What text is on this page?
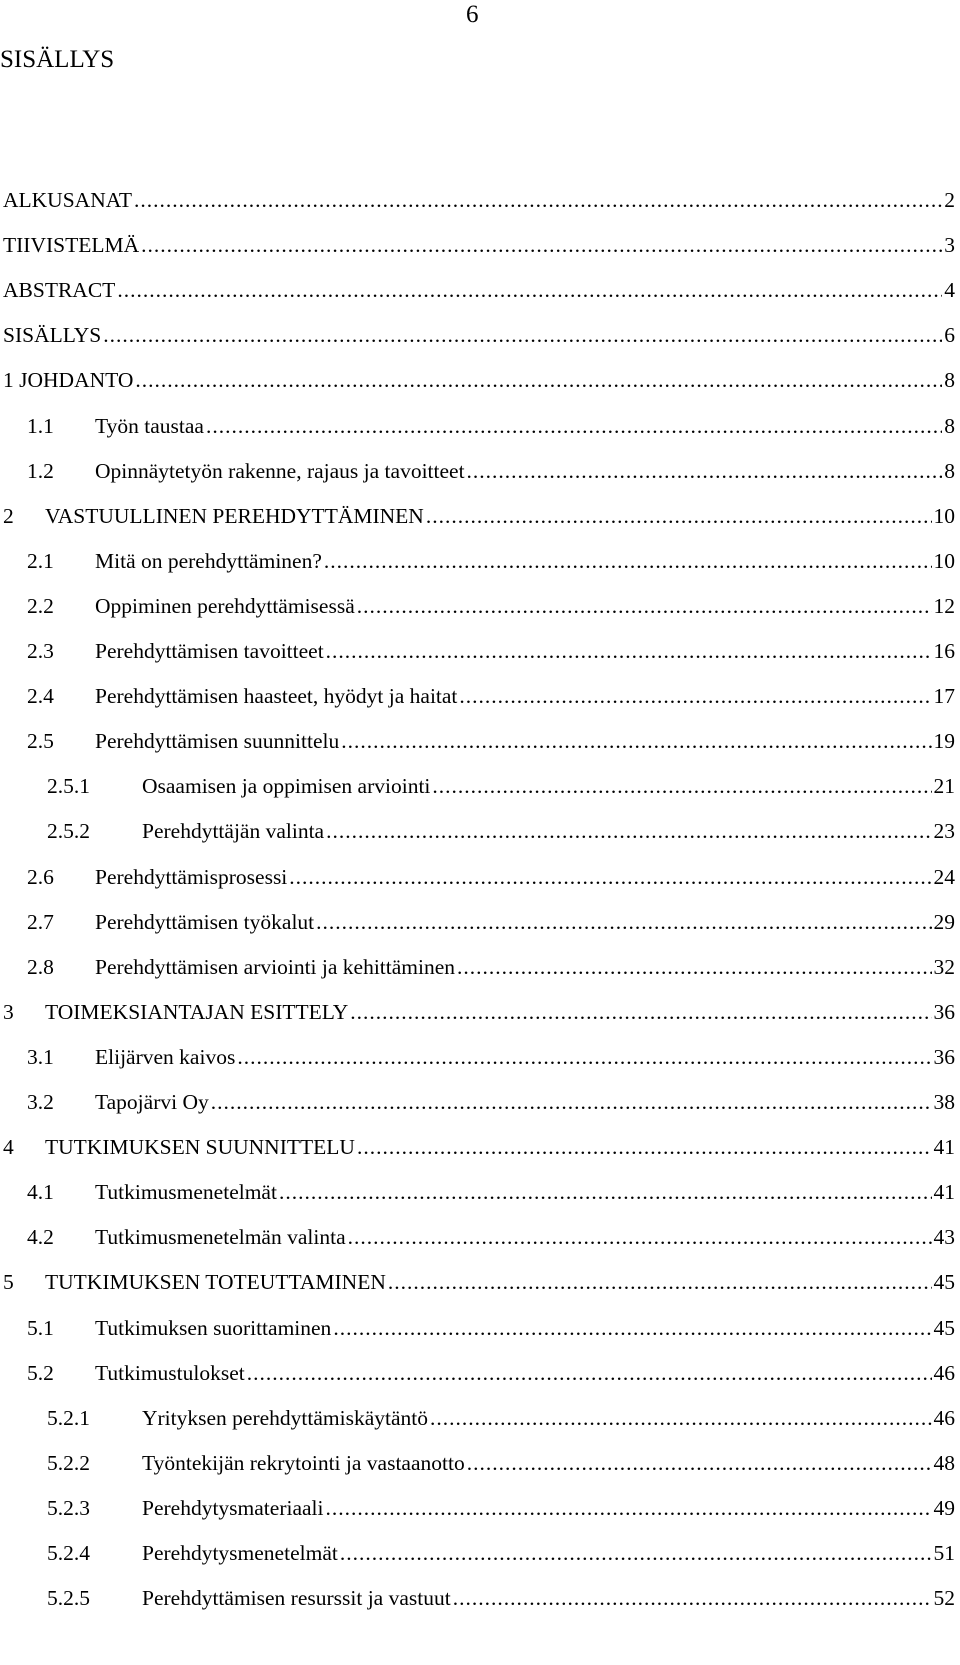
6
SISÄLLYS
ALKUSANAT .....	2
TIIVISTELMÄ .....	3
ABSTRACT .....	4
SISÄLLYS .....	6
1 JOHDANTO .....	8
1.1	Työn taustaa .....	8
1.2	Opinnäytetyön rakenne, rajaus ja tavoitteet .....	8
2	VASTUULLINEN PEREHDYTTÄMINEN .....	10
2.1	Mitä on perehdyttäminen? .....	10
2.2	Oppiminen perehdyttämisessä .....	12
2.3	Perehdyttämisen tavoitteet .....	16
2.4	Perehdyttämisen haasteet, hyödyt ja haitat .....	17
2.5	Perehdyttämisen suunnittelu .....	19
2.5.1	Osaamisen ja oppimisen arviointi .....	21
2.5.2	Perehdyttäjän valinta .....	23
2.6	Perehdyttämisprosessi .....	24
2.7	Perehdyttämisen työkalut .....	29
2.8	Perehdyttämisen arviointi ja kehittäminen .....	32
3	TOIMEKSIANTAJAN ESITTELY .....	36
3.1	Elijärven kaivos .....	36
3.2	Tapojärvi Oy .....	38
4	TUTKIMUKSEN SUUNNITTELU .....	41
4.1	Tutkimusmenetelmät .....	41
4.2	Tutkimusmenetelmän valinta .....	43
5	TUTKIMUKSEN TOTEUTTAMINEN .....	45
5.1	Tutkimuksen suorittaminen .....	45
5.2	Tutkimustulokset .....	46
5.2.1	Yrityksen perehdyttämiskäytäntö .....	46
5.2.2	Työntekijän rekrytointi ja vastaanotto .....	48
5.2.3	Perehdytysmateriaali .....	49
5.2.4	Perehdytysmenetelmät .....	51
5.2.5	Perehdyttämisen resurssit ja vastuut .....	52
